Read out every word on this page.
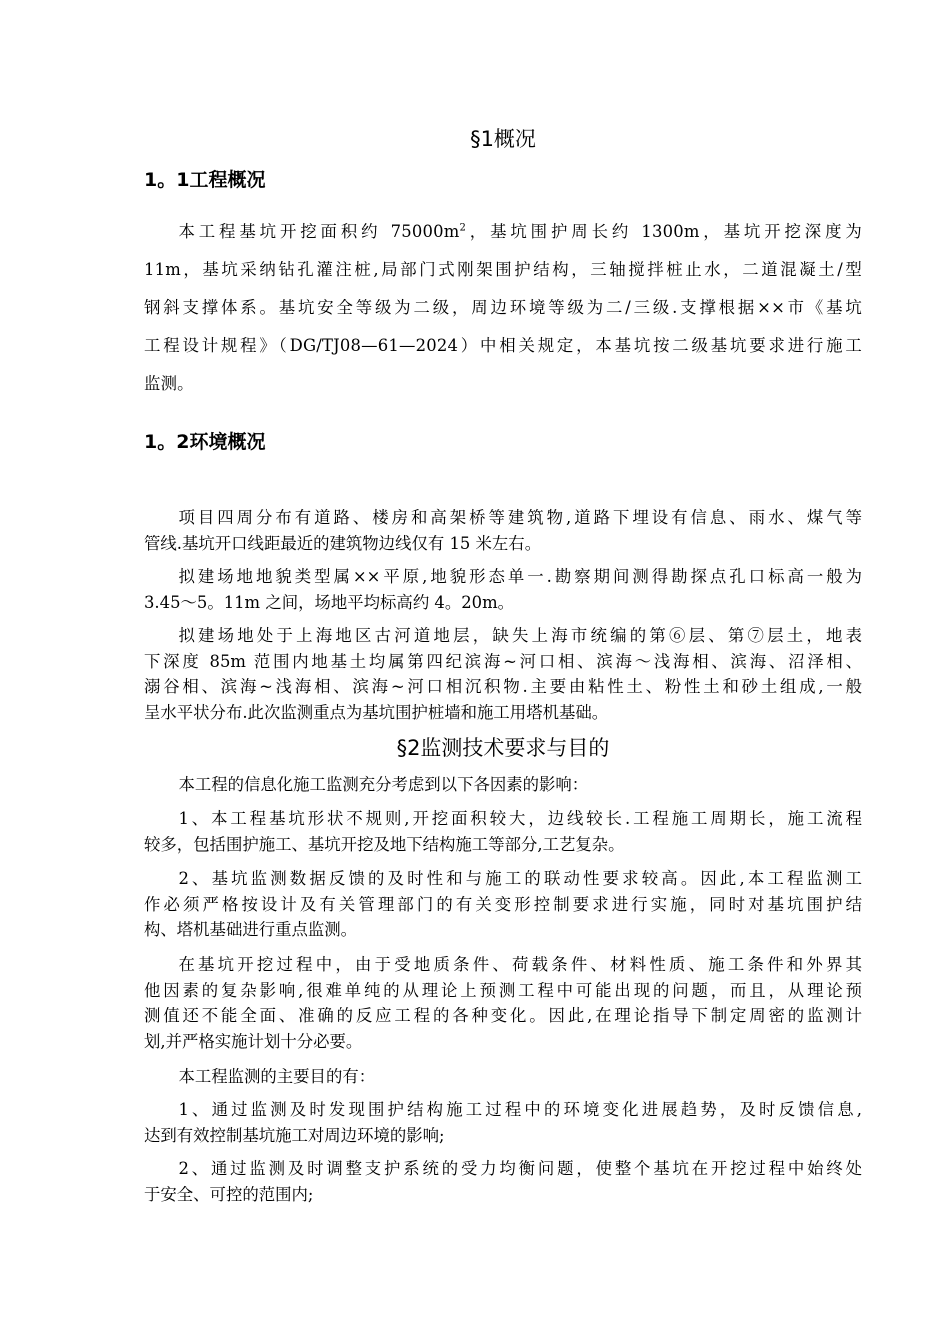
§1概况
1。1工程概况
本工程基坑开挖面积约 $75000m^2$，基坑围护周长约 1300m，基坑开挖深度为
11m，基坑采纳钻孔灌注桩,局部门式刚架围护结构，三轴搅拌桩止水，二道混凝土/型
钢斜支撑体系。基坑安全等级为二级，周边环境等级为二/三级.支撑根据××市《基坑
工程设计规程》（DG/TJ08—61—2024）中相关规定，本基坑按二级基坑要求进行施工
监测。
1。2环境概况
项目四周分布有道路、楼房和高架桥等建筑物,道路下埋设有信息、雨水、煤气等
管线.基坑开口线距最近的建筑物边线仅有 15 米左右。
拟建场地地貌类型属××平原,地貌形态单一.勘察期间测得勘探点孔口标高一般为
3.45～5。11m 之间，场地平均标高约 4。20m。
拟建场地处于上海地区古河道地层，缺失上海市统编的第⑥层、第⑦层土，地表
下深度 85m 范围内地基土均属第四纪滨海~河口相、滨海～浅海相、滨海、沼泽相、
溺谷相、滨海~浅海相、滨海~河口相沉积物.主要由粘性土、粉性土和砂土组成,一般
呈水平状分布.此次监测重点为基坑围护桩墙和施工用塔机基础。
§2监测技术要求与目的
本工程的信息化施工监测充分考虑到以下各因素的影响：
1、本工程基坑形状不规则,开挖面积较大，边线较长.工程施工周期长，施工流程
较多，包括围护施工、基坑开挖及地下结构施工等部分,工艺复杂。
2、基坑监测数据反馈的及时性和与施工的联动性要求较高。因此,本工程监测工
作必须严格按设计及有关管理部门的有关变形控制要求进行实施，同时对基坑围护结
构、塔机基础进行重点监测。
在基坑开挖过程中，由于受地质条件、荷载条件、材料性质、施工条件和外界其
他因素的复杂影响,很难单纯的从理论上预测工程中可能出现的问题，而且，从理论预
测值还不能全面、准确的反应工程的各种变化。因此,在理论指导下制定周密的监测计
划,并严格实施计划十分必要。
本工程监测的主要目的有：
1、通过监测及时发现围护结构施工过程中的环境变化进展趋势，及时反馈信息,
达到有效控制基坑施工对周边环境的影响;
2、通过监测及时调整支护系统的受力均衡问题，使整个基坑在开挖过程中始终处
于安全、可控的范围内;
